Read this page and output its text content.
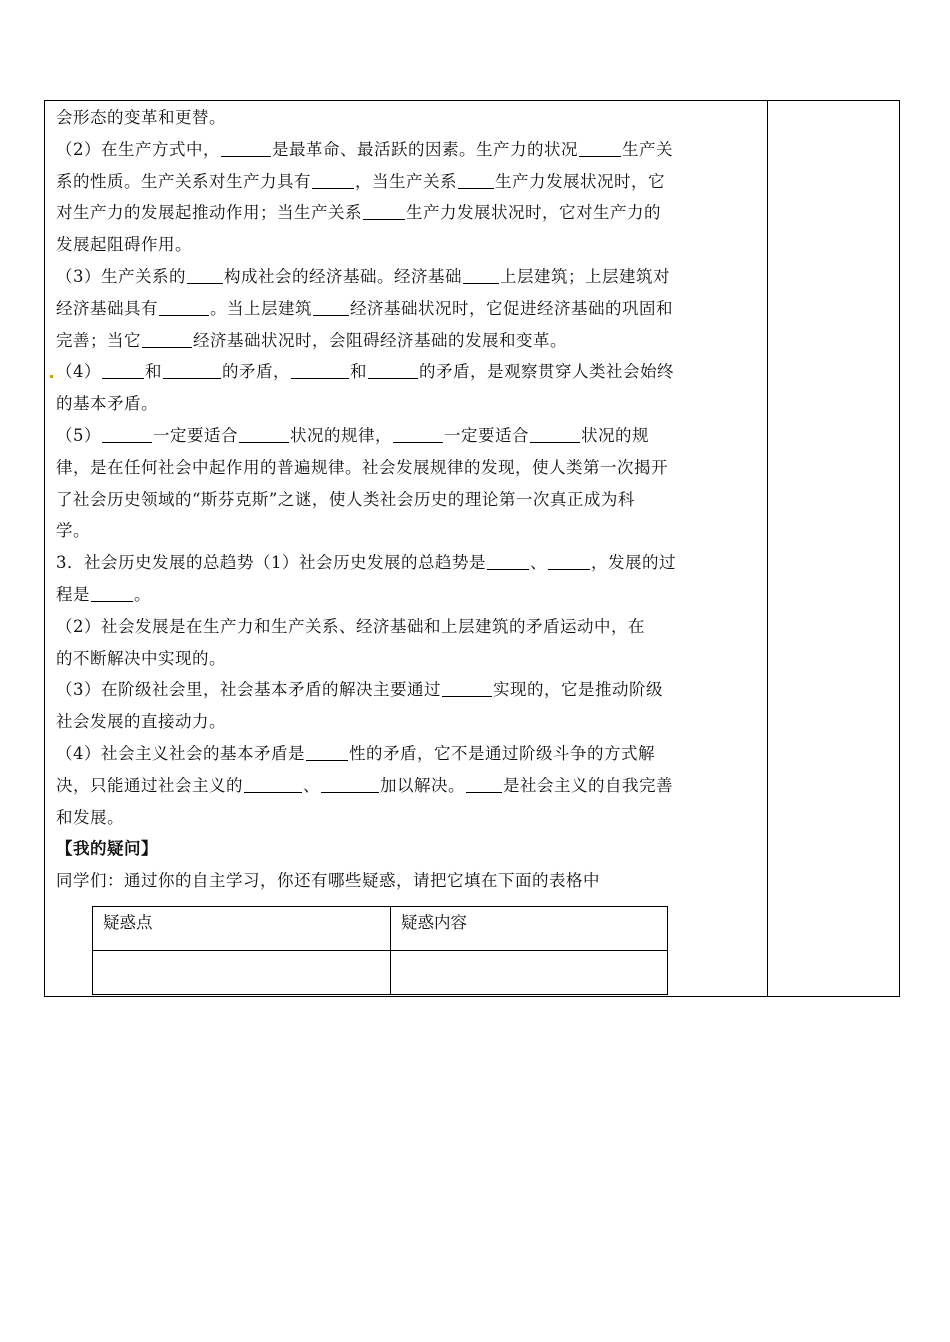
会形态的变革和更替。
（2）在生产方式中，	是最革命、最活跃的因素。生产力的状况	生产关
系的性质。生产关系对生产力具有	，当生产关系 生产力发展状况时，它
对生产力的发展起推动作用；当生产关系	生产力发展状况时，它对生产力的
发展起阻碍作用。
（3）生产关系的 构成社会的经济基础。经济基础 上层建筑；上层建筑对
经济基础具有	。当上层建筑 经济基础状况时，它促进经济基础的巩固和
完善；当它	经济基础状况时，会阻碍经济基础的发展和变革。
（4）	和	的矛盾，	和	的矛盾，是观察贯穿人类社会始终
的基本矛盾。
（5）	一定要适合	状况的规律，	一定要适合	状况的规
律，是在任何社会中起作用的普遍规律。社会发展规律的发现，使人类第一次揭开
了社会历史领域的“斯芬克斯”之谜，使人类社会历史的理论第一次真正成为科
学。
3．社会历史发展的总趋势（1）社会历史发展的总趋势是	、	，发展的过
程是	。
（2）社会发展是在生产力和生产关系、经济基础和上层建筑的矛盾运动中，在
的不断解决中实现的。
（3）在阶级社会里，社会基本矛盾的解决主要通过	实现的，它是推动阶级
社会发展的直接动力。
（4）社会主义社会的基本矛盾是	性的矛盾，它不是通过阶级斗争的方式解
决，只能通过社会主义的	、	加以解决。 是社会主义的自我完善
和发展。
【我的疑问】
同学们：通过你的自主学习，你还有哪些疑惑，请把它填在下面的表格中
疑惑点	疑惑内容
